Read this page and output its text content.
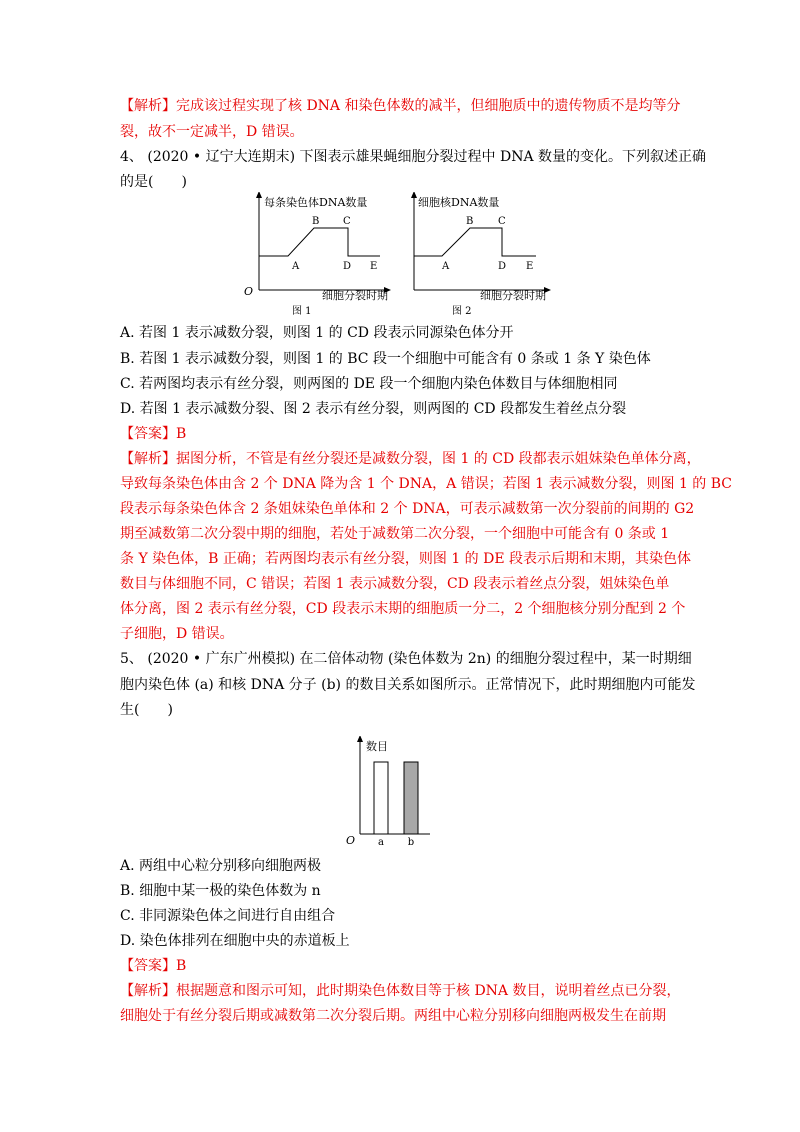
【解析】完成该过程实现了核 DNA 和染色体数的减半，但细胞质中的遗传物质不是均等分
裂，故不一定减半，D 错误。
4、 (2020 • 辽宁大连期末) 下图表示雄果蝇细胞分裂过程中 DNA 数量的变化。下列叙述正确
的是(　　)
每条染色体DNA数量
A
B C
D E
O	细胞分裂时期
图 1
细胞核DNA数量
A
B C
D E
细胞分裂时期
图 2
A. 若图 1 表示减数分裂，则图 1 的 CD 段表示同源染色体分开
B. 若图 1 表示减数分裂，则图 1 的 BC 段一个细胞中可能含有 0 条或 1 条 Y 染色体
C. 若两图均表示有丝分裂，则两图的 DE 段一个细胞内染色体数目与体细胞相同
D. 若图 1 表示减数分裂、图 2 表示有丝分裂，则两图的 CD 段都发生着丝点分裂
【答案】B
【解析】据图分析，不管是有丝分裂还是减数分裂，图 1 的 CD 段都表示姐妹染色单体分离，
导致每条染色体由含 2 个 DNA 降为含 1 个 DNA，A 错误；若图 1 表示减数分裂，则图 1 的 BC
段表示每条染色体含 2 条姐妹染色单体和 2 个 DNA，可表示减数第一次分裂前的间期的 G2
期至减数第二次分裂中期的细胞，若处于减数第二次分裂，一个细胞中可能含有 0 条或 1
条 Y 染色体，B 正确；若两图均表示有丝分裂，则图 1 的 DE 段表示后期和末期，其染色体
数目与体细胞不同，C 错误；若图 1 表示减数分裂，CD 段表示着丝点分裂，姐妹染色单
体分离，图 2 表示有丝分裂，CD 段表示末期的细胞质一分二，2 个细胞核分别分配到 2 个
子细胞，D 错误。
5、 (2020 • 广东广州模拟) 在二倍体动物 (染色体数为 2n) 的细胞分裂过程中，某一时期细
胞内染色体 (a) 和核 DNA 分子 (b) 的数目关系如图所示。正常情况下，此时期细胞内可能发
生(　　)
数目
O a b
A. 两组中心粒分别移向细胞两极
B. 细胞中某一极的染色体数为 n
C. 非同源染色体之间进行自由组合
D. 染色体排列在细胞中央的赤道板上
【答案】B
【解析】根据题意和图示可知，此时期染色体数目等于核 DNA 数目，说明着丝点已分裂，
细胞处于有丝分裂后期或减数第二次分裂后期。两组中心粒分别移向细胞两极发生在前期
